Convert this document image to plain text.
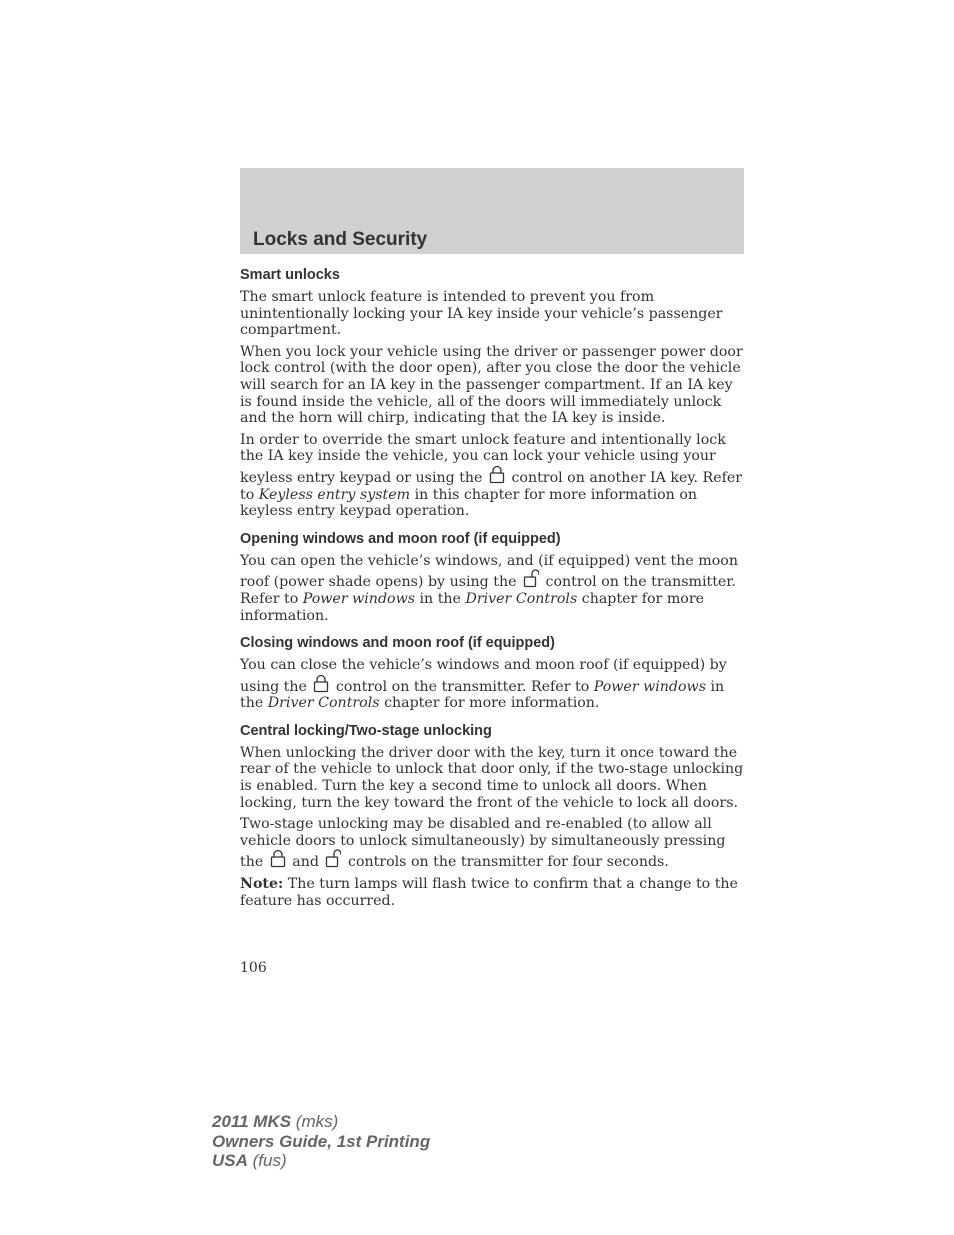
Locks and Security
Smart unlocks

The smart unlock feature is intended to prevent you from unintentionally locking your IA key inside your vehicle’s passenger compartment.

When you lock your vehicle using the driver or passenger power door lock control (with the door open), after you close the door the vehicle will search for an IA key in the passenger compartment. If an IA key is found inside the vehicle, all of the doors will immediately unlock and the horn will chirp, indicating that the IA key is inside.

In order to override the smart unlock feature and intentionally lock the IA key inside the vehicle, you can lock your vehicle using your keyless entry keypad or using the control on another IA key. Refer to Keyless entry system in this chapter for more information on keyless entry keypad operation.

Opening windows and moon roof (if equipped)

You can open the vehicle’s windows, and (if equipped) vent the moon roof (power shade opens) by using the control on the transmitter. Refer to Power windows in the Driver Controls chapter for more information.

Closing windows and moon roof (if equipped)

You can close the vehicle’s windows and moon roof (if equipped) by using the control on the transmitter. Refer to Power windows in the Driver Controls chapter for more information.

Central locking/Two-stage unlocking

When unlocking the driver door with the key, turn it once toward the rear of the vehicle to unlock that door only, if the two-stage unlocking is enabled. Turn the key a second time to unlock all doors. When locking, turn the key toward the front of the vehicle to lock all doors.

Two-stage unlocking may be disabled and re-enabled (to allow all vehicle doors to unlock simultaneously) by simultaneously pressing the and controls on the transmitter for four seconds.

Note: The turn lamps will flash twice to confirm that a change to the feature has occurred.

106
2011 MKS (mks)
Owners Guide, 1st Printing
USA (fus)
